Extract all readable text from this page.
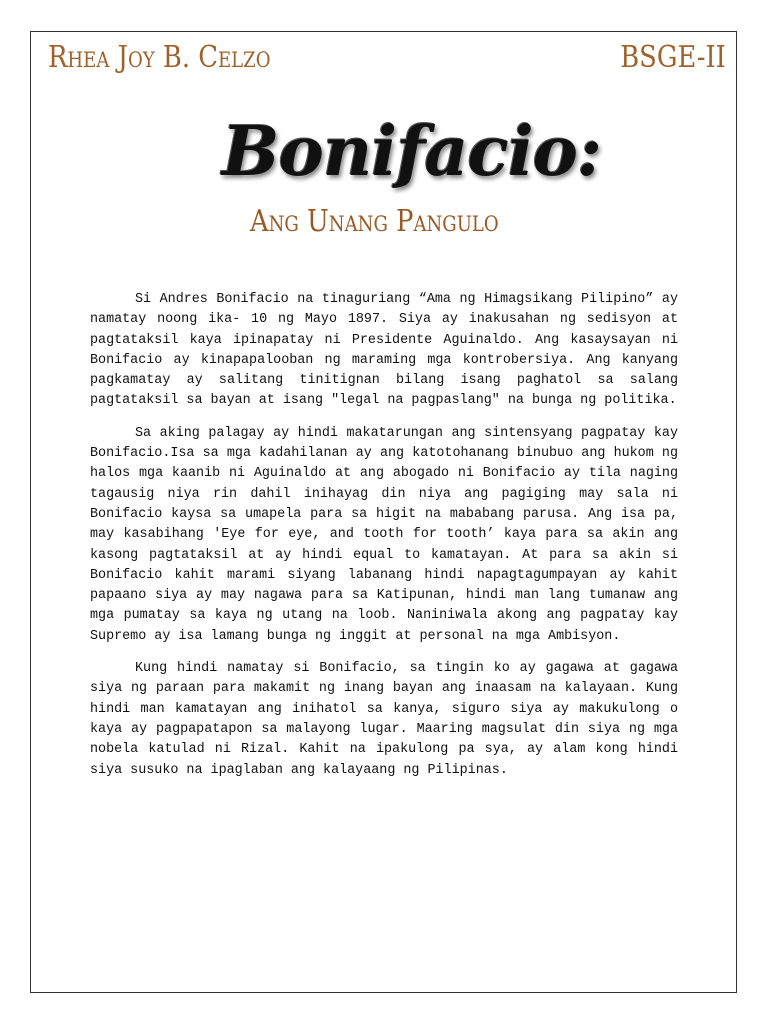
Rhea Joy B. Celzo	BSGE-II
Bonifacio:
Ang Unang Pangulo

Si Andres Bonifacio na tinaguriang “Ama ng Himagsikang Pilipino” ay namatay noong ika- 10 ng Mayo 1897. Siya ay inakusahan ng sedisyon at pagtataksil kaya ipinapatay ni Presidente Aguinaldo. Ang kasaysayan ni Bonifacio ay kinapapalooban ng maraming mga kontrobersiya. Ang kanyang pagkamatay ay salitang tinitignan bilang isang paghatol sa salang pagtataksil sa bayan at isang "legal na pagpaslang" na bunga ng politika.

Sa aking palagay ay hindi makatarungan ang sintensyang pagpatay kay Bonifacio.Isa sa mga kadahilanan ay ang katotohanang binubuo ang hukom ng halos mga kaanib ni Aguinaldo at ang abogado ni Bonifacio ay tila naging tagausig niya rin dahil inihayag din niya ang pagiging may sala ni Bonifacio kaysa sa umapela para sa higit na mababang parusa. Ang isa pa, may kasabihang 'Eye for eye, and tooth for tooth’ kaya para sa akin ang kasong pagtataksil at ay hindi equal to kamatayan. At para sa akin si Bonifacio kahit marami siyang labanang hindi napagtagumpayan ay kahit papaano siya ay may nagawa para sa Katipunan, hindi man lang tumanaw ang mga pumatay sa kaya ng utang na loob. Naniniwala akong ang pagpatay kay Supremo ay isa lamang bunga ng inggit at personal na mga Ambisyon.

Kung hindi namatay si Bonifacio, sa tingin ko ay gagawa at gagawa siya ng paraan para makamit ng inang bayan ang inaasam na kalayaan. Kung hindi man kamatayan ang inihatol sa kanya, siguro siya ay makukulong o kaya ay pagpapatapon sa malayong lugar. Maaring magsulat din siya ng mga nobela katulad ni Rizal. Kahit na ipakulong pa sya, ay alam kong hindi siya susuko na ipaglaban ang kalayaang ng Pilipinas.
